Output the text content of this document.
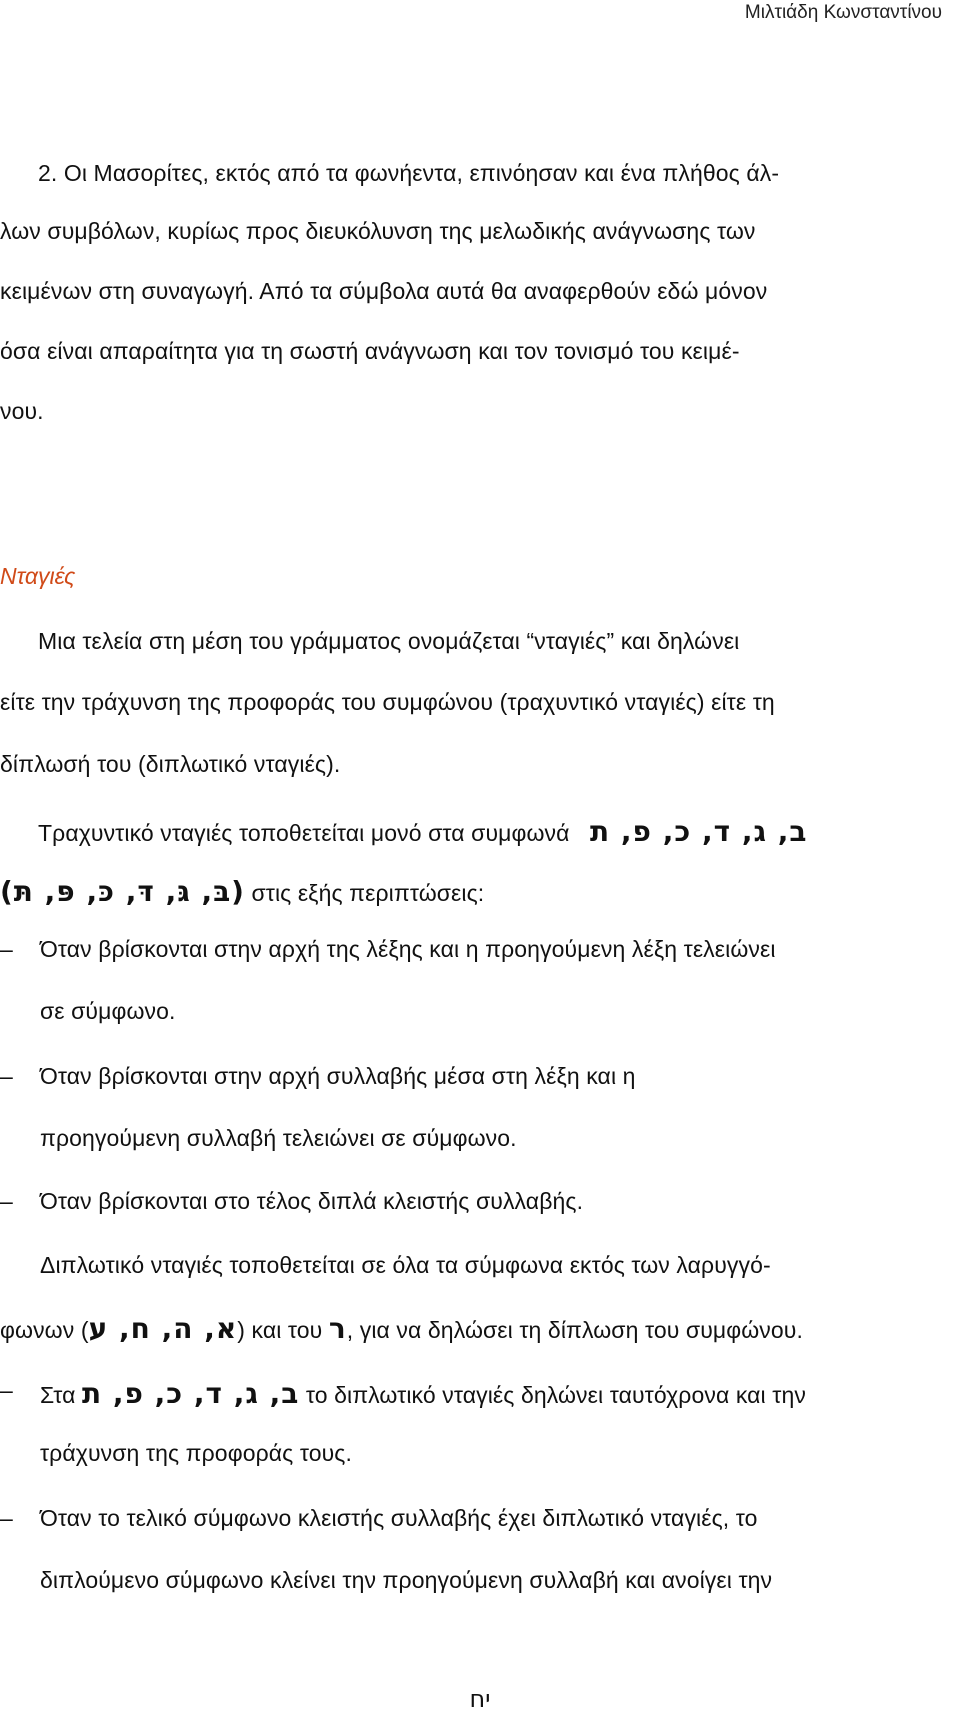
Μιλτιάδη Κωνσταντίνου
2. Οι Μασορίτες, εκτός από τα φωνήεντα, επινόησαν και ένα πλήθος άλ-
λων συμβόλων, κυρίως προς διευκόλυνση της μελωδικής ανάγνωσης των
κειμένων στη συναγωγή. Από τα σύμβολα αυτά θα αναφερθούν εδώ μόνον
όσα είναι απαραίτητα για τη σωστή ανάγνωση και τον τονισμό του κειμέ-
νου.
Νταγιές
Μια τελεία στη μέση του γράμματος ονομάζεται “νταγιές” και δηλώνει
είτε την τράχυνση της προφοράς του συμφώνου (τραχυντικό νταγιές) είτε τη
δίπλωσή του (διπλωτικό νταγιές).
Τραχυντικό νταγιές τοποθετείται μονό στα συμφωνά ב, ג, ד, כ, פ, ת
(בּ, גּ, דּ, כּ, פּ, תּ) στις εξής περιπτώσεις:
– Όταν βρίσκονται στην αρχή της λέξης και η προηγούμενη λέξη τελειώνει
σε σύμφωνο.
– Όταν βρίσκονται στην αρχή συλλαβής μέσα στη λέξη και η
προηγούμενη συλλαβή τελειώνει σε σύμφωνο.
– Όταν βρίσκονται στο τέλος διπλά κλειστής συλλαβής.
Διπλωτικό νταγιές τοποθετείται σε όλα τα σύμφωνα εκτός των λαρυγγό-
φωνων (א, ה, ח, ע) και του ר, για να δηλώσει τη δίπλωση του συμφώνου.
– Στα ב, ג, ד, כ, פ, ת το διπλωτικό νταγιές δηλώνει ταυτόχρονα και την
τράχυνση της προφοράς τους.
– Όταν το τελικό σύμφωνο κλειστής συλλαβής έχει διπλωτικό νταγιές, το
διπλούμενο σύμφωνο κλείνει την προηγούμενη συλλαβή και ανοίγει την
יח
